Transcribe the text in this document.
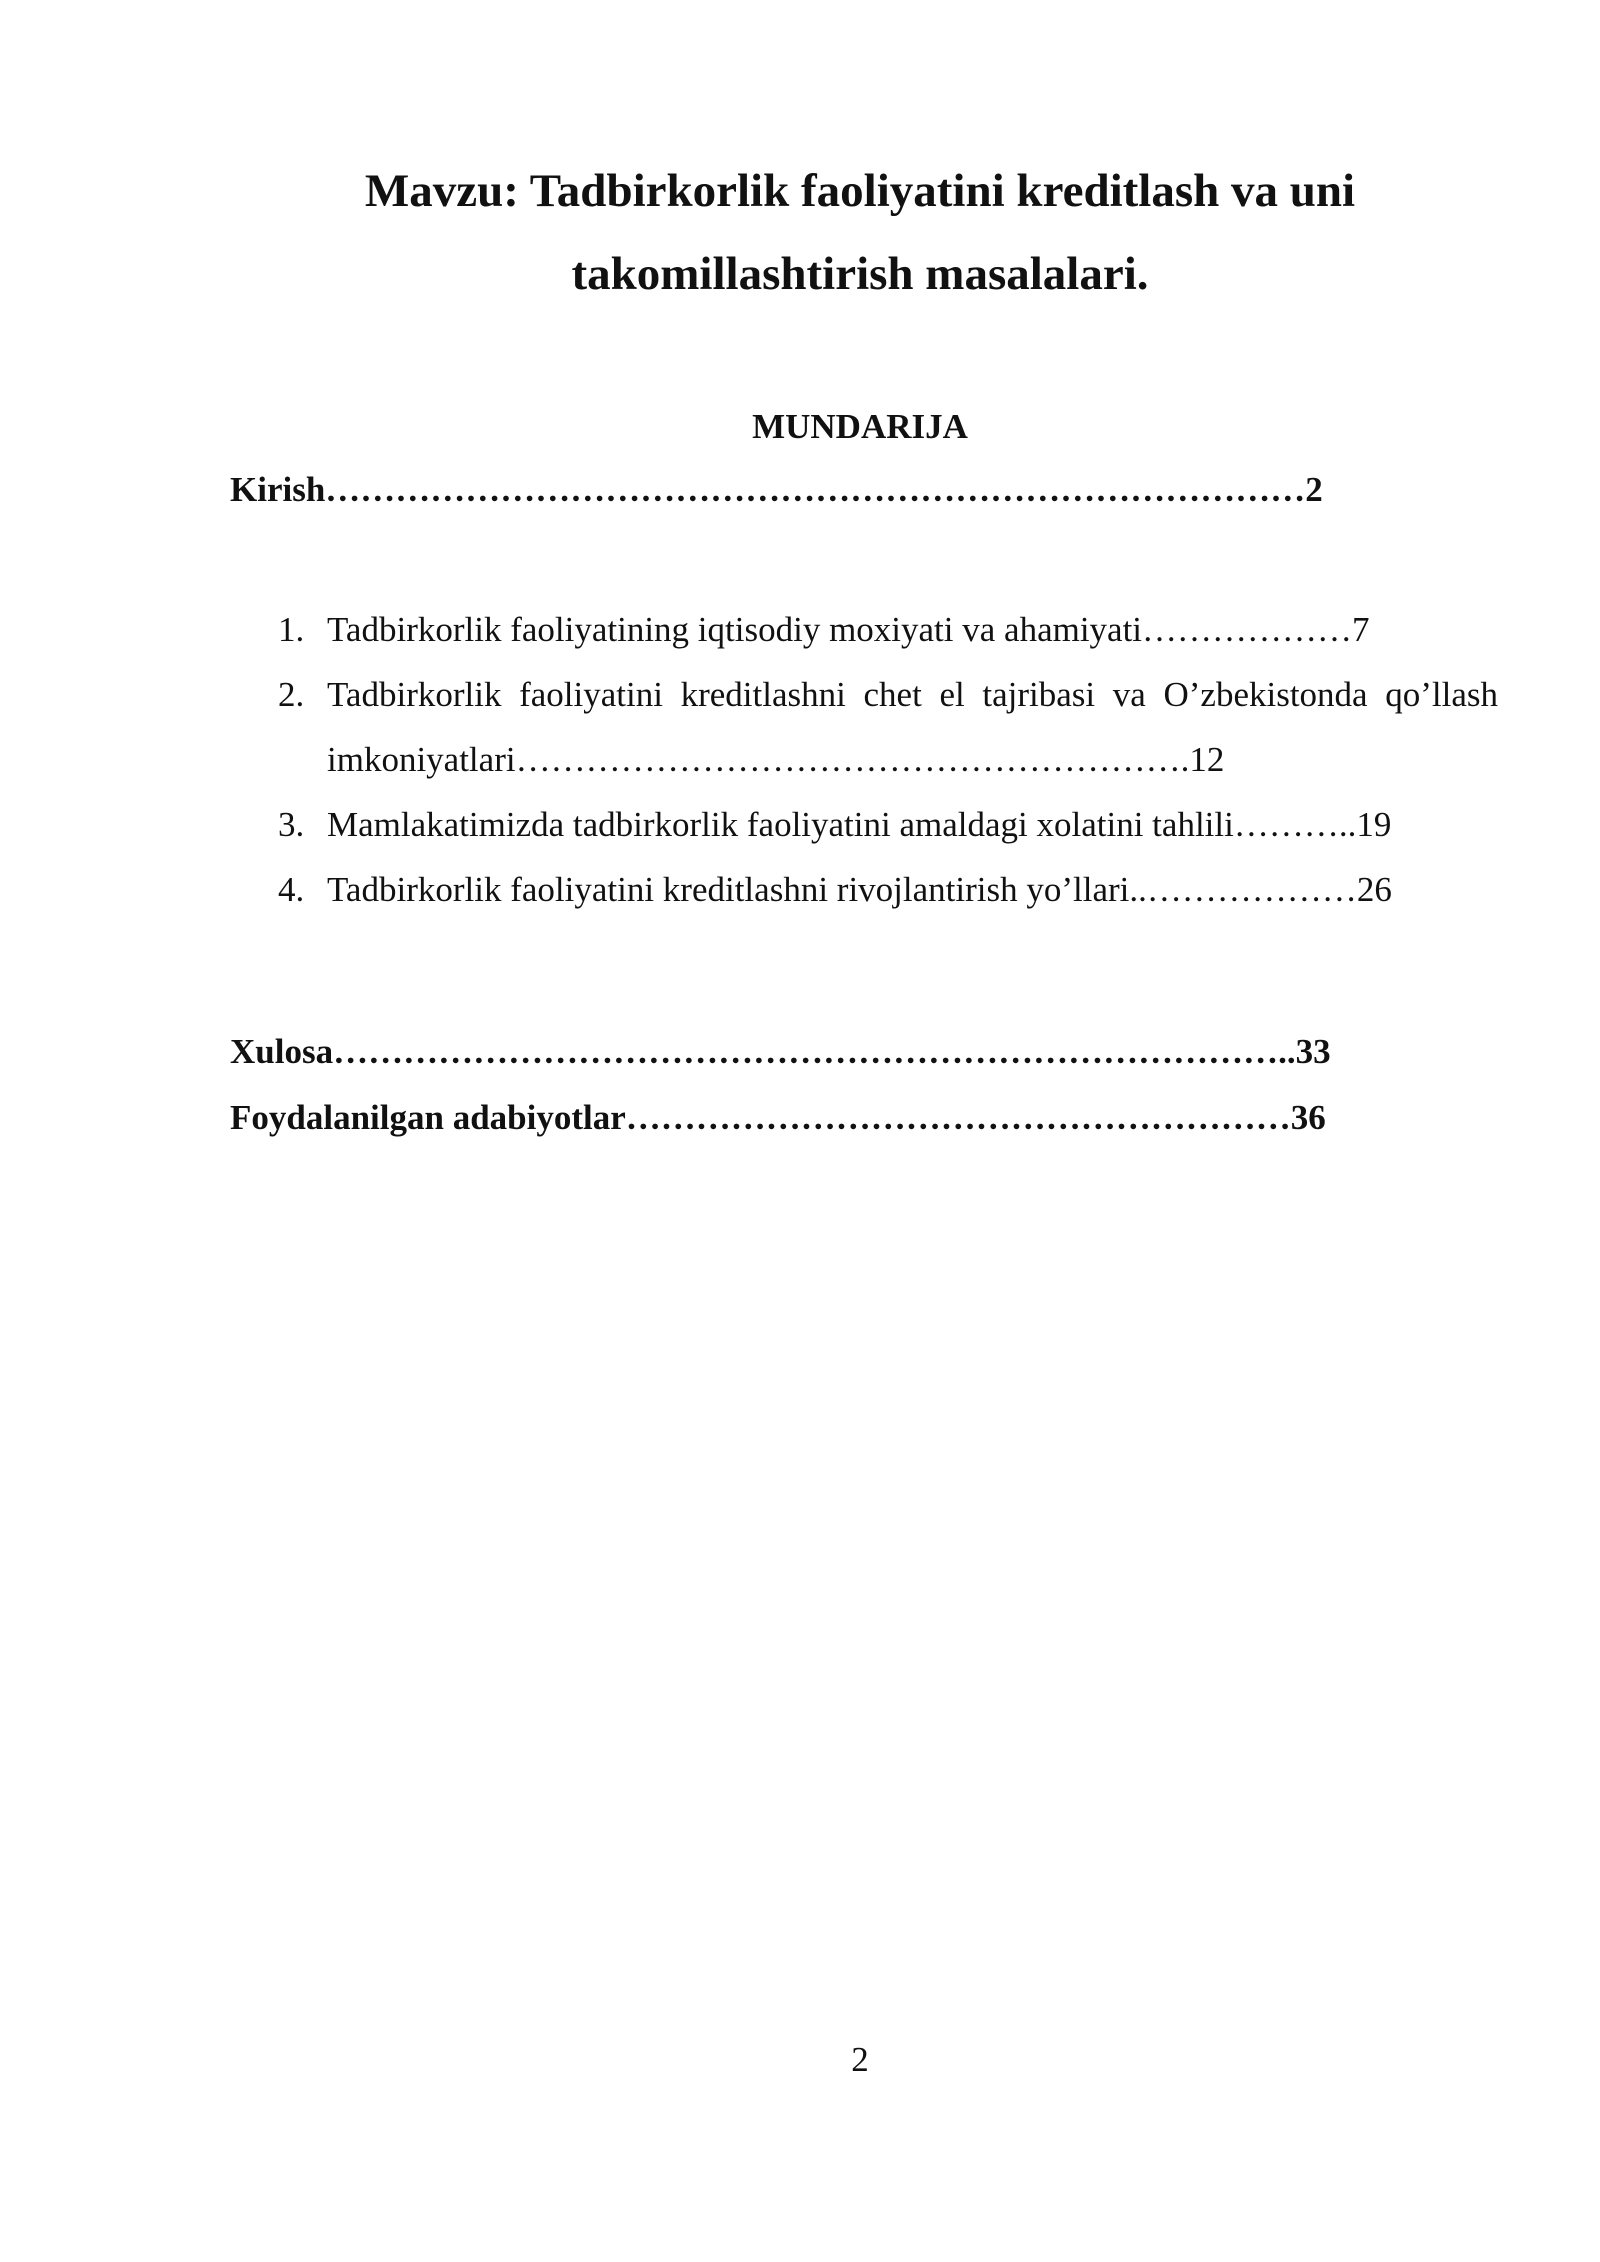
Mavzu: Tadbirkorlik faoliyatini kreditlash va uni
takomillashtirish masalalari.
MUNDARIJA

Kirish…………………………………………………………………………2

1. Tadbirkorlik faoliyatining iqtisodiy moxiyati va ahamiyati………………7
2. Tadbirkorlik faoliyatini kreditlashni chet el tajribasi va O’zbekistonda qo’llash imkoniyatlari………………………………………………….12
3. Mamlakatimizda tadbirkorlik faoliyatini amaldagi xolatini tahlili………..19
4. Tadbirkorlik faoliyatini kreditlashni rivojlantirish yo’llari..………………26

Xulosa………………………………………………………………………..33

Foydalanilgan adabiyotlar…………………………………………………36

2
